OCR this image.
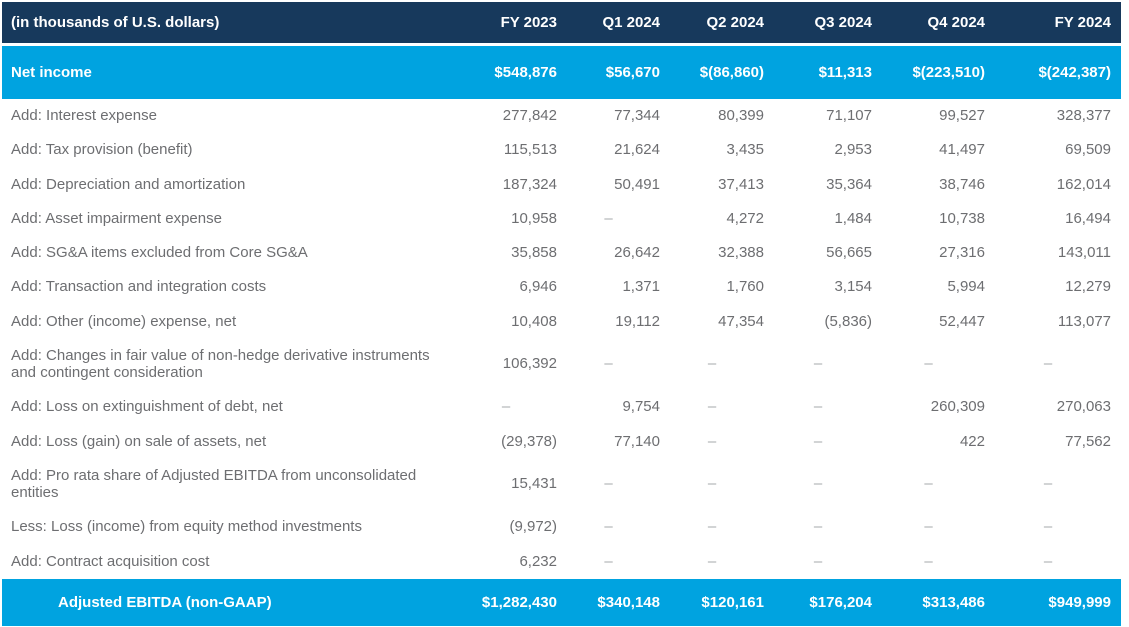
(in thousands of U.S. dollars)	FY 2023	Q1 2024	Q2 2024	Q3 2024	Q4 2024	FY 2024
Net income	$548,876	$56,670	$(86,860)	$11,313	$(223,510)	$(242,387)
Add: Interest expense	277,842	77,344	80,399	71,107	99,527	328,377
Add: Tax provision (benefit)	115,513	21,624	3,435	2,953	41,497	69,509
Add: Depreciation and amortization	187,324	50,491	37,413	35,364	38,746	162,014
Add: Asset impairment expense	10,958	–	4,272	1,484	10,738	16,494
Add: SG&A items excluded from Core SG&A	35,858	26,642	32,388	56,665	27,316	143,011
Add: Transaction and integration costs	6,946	1,371	1,760	3,154	5,994	12,279
Add: Other (income) expense, net	10,408	19,112	47,354	(5,836)	52,447	113,077
Add: Changes in fair value of non-hedge derivative instruments and contingent consideration	106,392	–	–	–	–	–
Add: Loss on extinguishment of debt, net	–	9,754	–	–	260,309	270,063
Add: Loss (gain) on sale of assets, net	(29,378)	77,140	–	–	422	77,562
Add: Pro rata share of Adjusted EBITDA from unconsolidated entities	15,431	–	–	–	–	–
Less: Loss (income) from equity method investments	(9,972)	–	–	–	–	–
Add: Contract acquisition cost	6,232	–	–	–	–	–
Adjusted EBITDA (non-GAAP)	$1,282,430	$340,148	$120,161	$176,204	$313,486	$949,999
